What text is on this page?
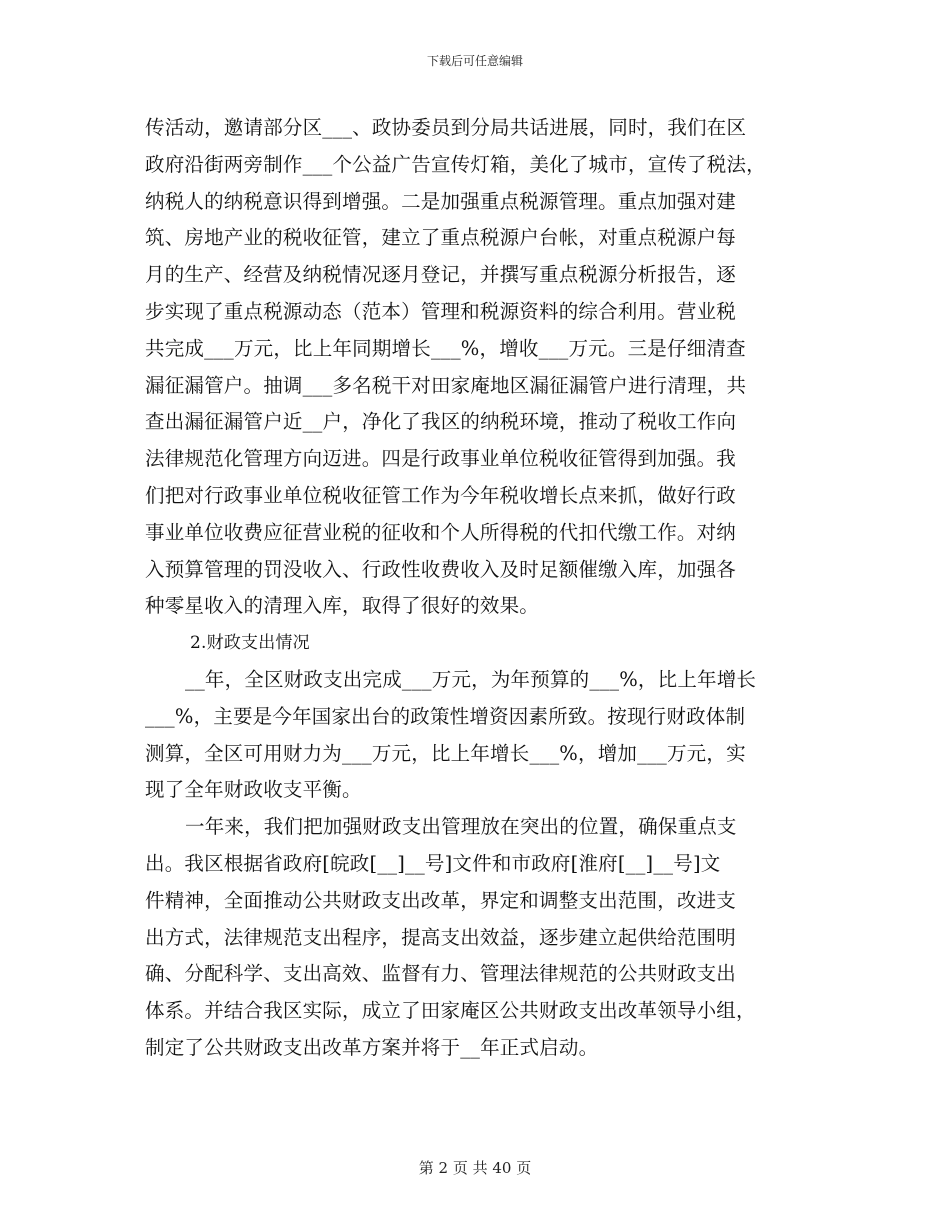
下载后可任意编辑
传活动，邀请部分区___、政协委员到分局共话进展，同时，我们在区
政府沿街两旁制作___个公益广告宣传灯箱，美化了城市，宣传了税法，
纳税人的纳税意识得到增强。二是加强重点税源管理。重点加强对建
筑、房地产业的税收征管，建立了重点税源户台帐，对重点税源户每
月的生产、经营及纳税情况逐月登记，并撰写重点税源分析报告，逐
步实现了重点税源动态（范本）管理和税源资料的综合利用。营业税
共完成___万元，比上年同期增长___%，增收___万元。三是仔细清查
漏征漏管户。抽调___多名税干对田家庵地区漏征漏管户进行清理，共
查出漏征漏管户近__户，净化了我区的纳税环境，推动了税收工作向
法律规范化管理方向迈进。四是行政事业单位税收征管得到加强。我
们把对行政事业单位税收征管工作为今年税收增长点来抓，做好行政
事业单位收费应征营业税的征收和个人所得税的代扣代缴工作。对纳
入预算管理的罚没收入、行政性收费收入及时足额催缴入库，加强各
种零星收入的清理入库，取得了很好的效果。
2.财政支出情况
__年，全区财政支出完成___万元，为年预算的___%，比上年增长
___%，主要是今年国家出台的政策性增资因素所致。按现行财政体制
测算，全区可用财力为___万元，比上年增长___%，增加___万元，实
现了全年财政收支平衡。
一年来，我们把加强财政支出管理放在突出的位置，确保重点支
出。我区根据省政府[皖政[__]__号]文件和市政府[淮府[__]__号]文
件精神，全面推动公共财政支出改革，界定和调整支出范围，改进支
出方式，法律规范支出程序，提高支出效益，逐步建立起供给范围明
确、分配科学、支出高效、监督有力、管理法律规范的公共财政支出
体系。并结合我区实际，成立了田家庵区公共财政支出改革领导小组，
制定了公共财政支出改革方案并将于__年正式启动。
第 2 页 共 40 页
